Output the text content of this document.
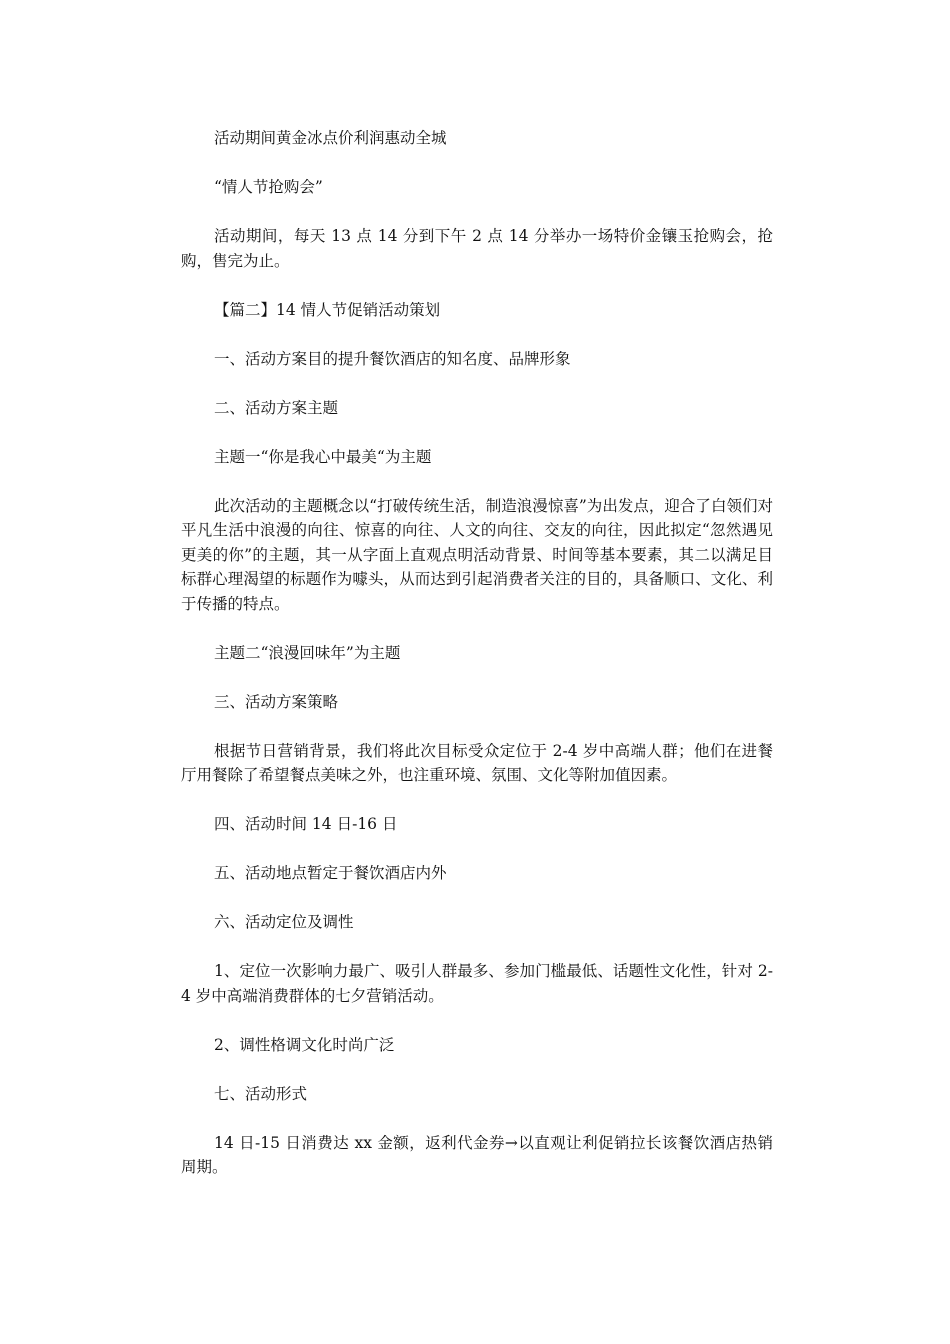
活动期间黄金冰点价利润惠动全城

“情人节抢购会”

活动期间，每天 13 点 14 分到下午 2 点 14 分举办一场特价金镶玉抢购会，抢购，售完为止。

【篇二】14 情人节促销活动策划

一、活动方案目的提升餐饮酒店的知名度、品牌形象

二、活动方案主题

主题一“你是我心中最美“为主题

此次活动的主题概念以“打破传统生活，制造浪漫惊喜”为出发点，迎合了白领们对平凡生活中浪漫的向往、惊喜的向往、人文的向往、交友的向往，因此拟定“忽然遇见更美的你”的主题，其一从字面上直观点明活动背景、时间等基本要素，其二以满足目标群心理渴望的标题作为噱头，从而达到引起消费者关注的目的，具备顺口、文化、利于传播的特点。

主题二“浪漫回味年”为主题

三、活动方案策略

根据节日营销背景，我们将此次目标受众定位于 2-4 岁中高端人群；他们在进餐厅用餐除了希望餐点美味之外，也注重环境、氛围、文化等附加值因素。

四、活动时间 14 日-16 日

五、活动地点暂定于餐饮酒店内外

六、活动定位及调性

1、定位一次影响力最广、吸引人群最多、参加门槛最低、话题性文化性，针对 2-4 岁中高端消费群体的七夕营销活动。

2、调性格调文化时尚广泛

七、活动形式

14 日-15 日消费达 xx 金额，返利代金券→以直观让利促销拉长该餐饮酒店热销周期。
